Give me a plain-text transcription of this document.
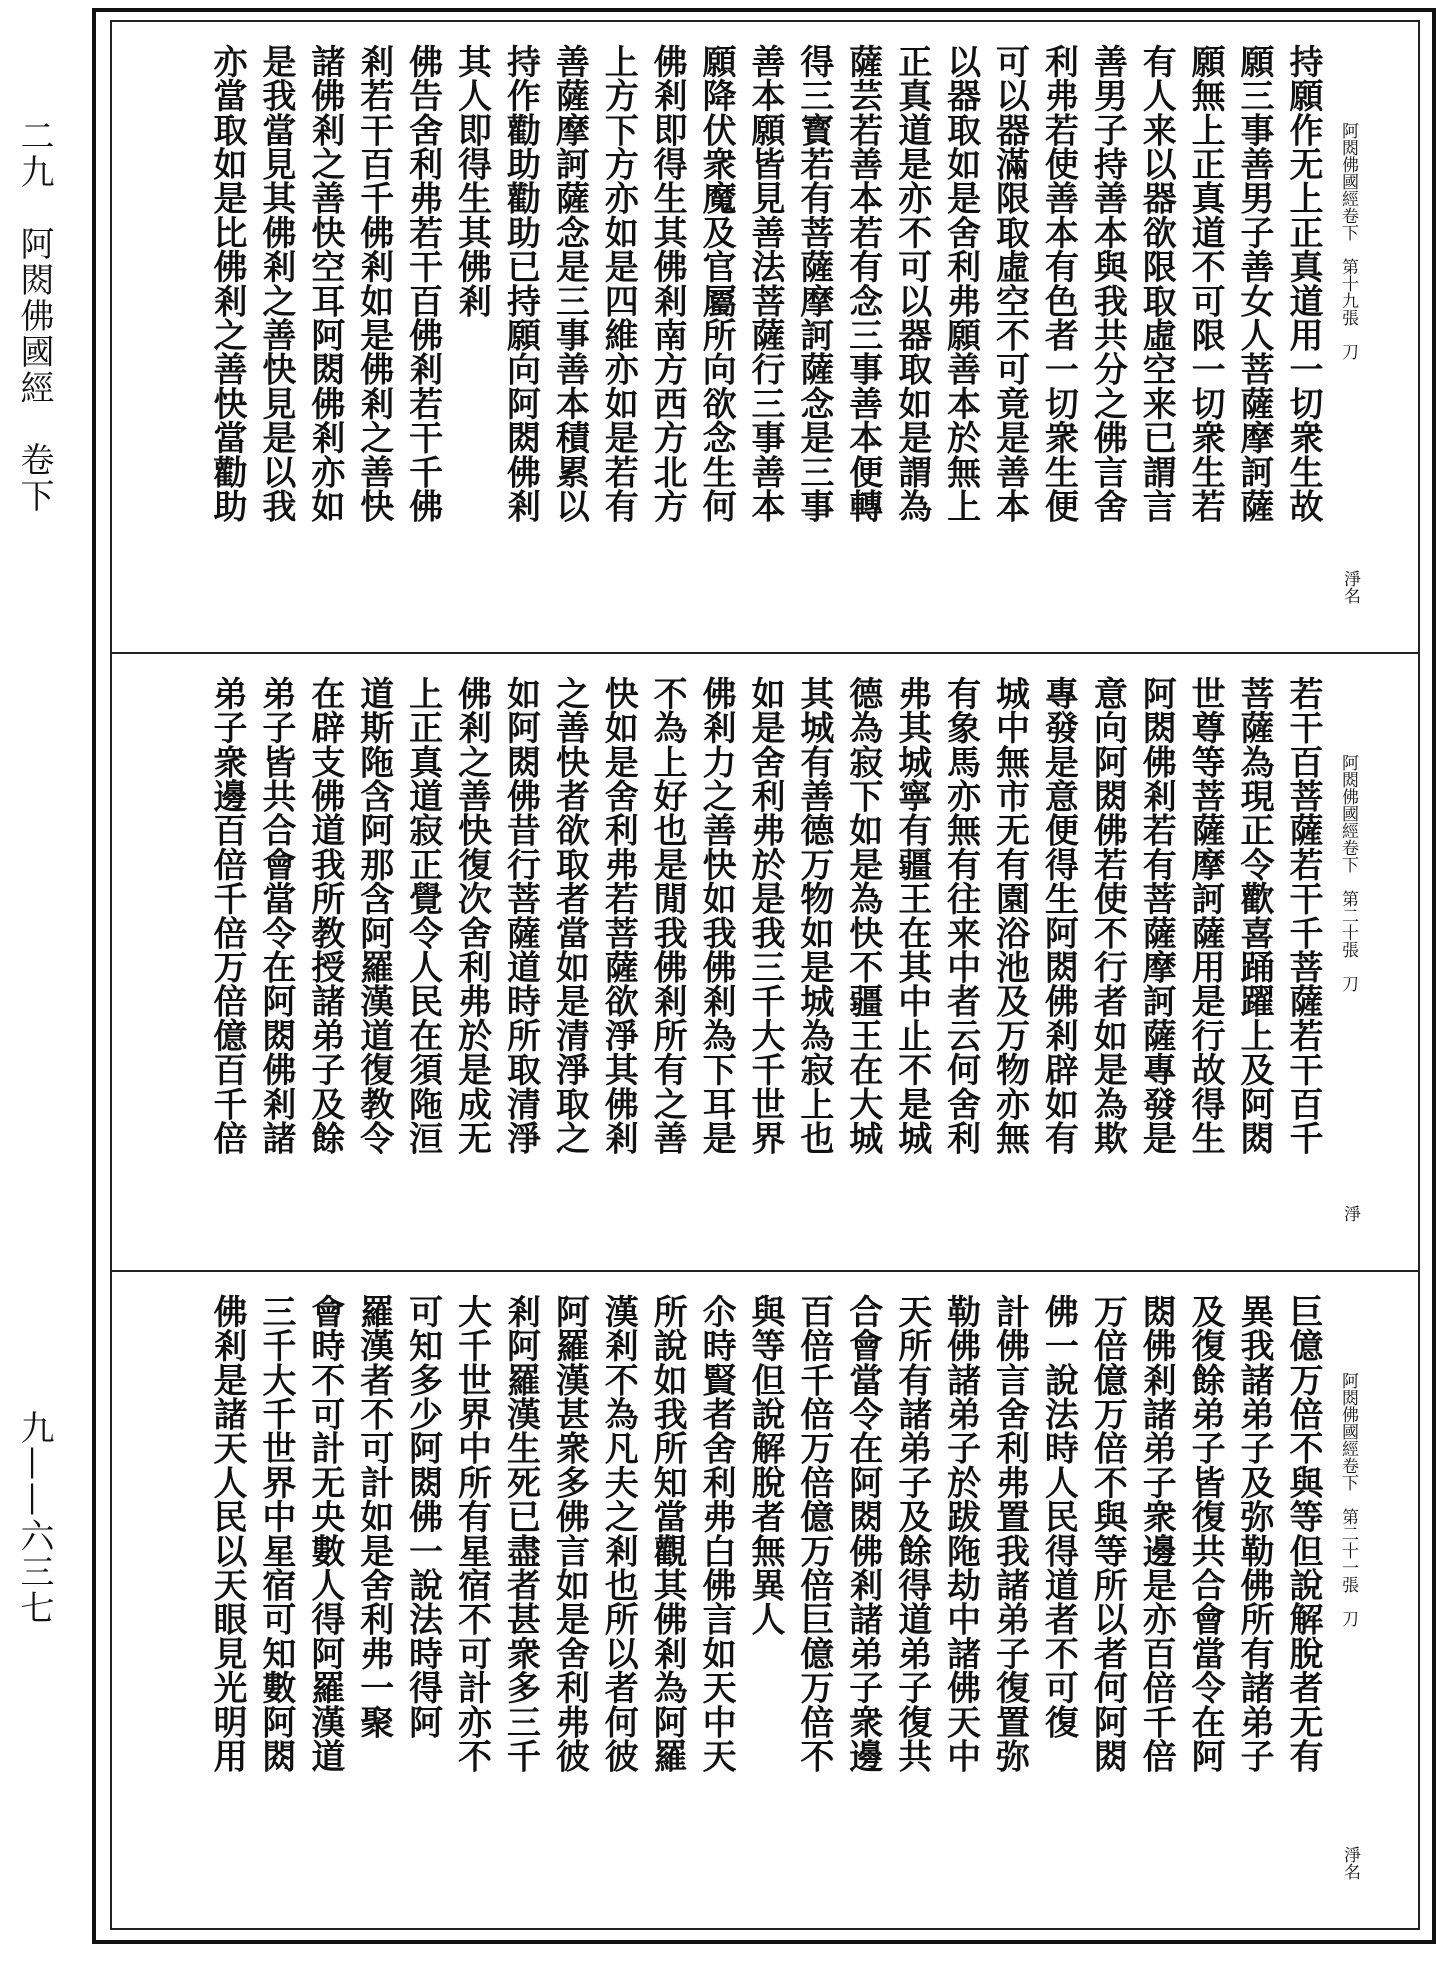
二九　阿閦佛國經　卷下
九——六三七
阿閦佛國經卷下　第十九張　刀
淨名
持願作无上正真道用一切衆生故
願三事善男子善女人菩薩摩訶薩
願無上正真道不可限一切衆生若
有人来以器欲限取虛空来已謂言
善男子持善本與我共分之佛言舍
利弗若使善本有色者一切衆生便
可以器滿限取虛空不可竟是善本
以器取如是舍利弗願善本於無上
正真道是亦不可以器取如是謂為
薩芸若善本若有念三事善本便轉
得三寳若有菩薩摩訶薩念是三事
善本願皆見善法菩薩行三事善本
願降伏衆魔及官屬所向欲念生何
佛剎即得生其佛剎南方西方北方
上方下方亦如是四維亦如是若有
善薩摩訶薩念是三事善本積累以
持作勸助勸助已持願向阿閦佛剎
其人即得生其佛剎
佛告舍利弗若干百佛剎若干千佛
剎若干百千佛剎如是佛剎之善快
諸佛剎之善快空耳阿閦佛剎亦如
是我當見其佛剎之善快見是以我
亦當取如是比佛剎之善快當勸助
阿閦佛國經卷下　第二十張　刀
淨
若干百菩薩若干千菩薩若干百千
菩薩為現正令歡喜踊躍上及阿閦
世尊等菩薩摩訶薩用是行故得生
阿閦佛剎若有菩薩摩訶薩專發是
意向阿閦佛若使不行者如是為欺
專發是意便得生阿閦佛剎辟如有
城中無市无有園浴池及万物亦無
有象馬亦無有往来中者云何舍利
弗其城寧有疆王在其中止不是城
德為寂下如是為快不疆王在大城
其城有善德万物如是城為寂上也
如是舍利弗於是我三千大千世界
佛剎力之善快如我佛剎為下耳是
不為上好也是閒我佛剎所有之善
快如是舍利弗若菩薩欲淨其佛剎
之善快者欲取者當如是清淨取之
如阿閦佛昔行菩薩道時所取清淨
佛剎之善快復次舍利弗於是成无
上正真道寂正覺令人民在須陁洹
道斯陁含阿那含阿羅漢道復教令
在辟支佛道我所教授諸弟子及餘
弟子皆共合會當令在阿閦佛剎諸
弟子衆邊百倍千倍万倍億百千倍
阿閦佛國經卷下　第二十一張　刀
淨名
巨億万倍不與等但說解脫者无有
異我諸弟子及弥勒佛所有諸弟子
及復餘弟子皆復共合會當令在阿
閦佛剎諸弟子衆邊是亦百倍千倍
万倍億万倍不與等所以者何阿閦
佛一說法時人民得道者不可復
計佛言舍利弗置我諸弟子復置弥
勒佛諸弟子於跋陁劫中諸佛天中
天所有諸弟子及餘得道弟子復共
合會當令在阿閦佛剎諸弟子衆邊
百倍千倍万倍億万倍巨億万倍不
與等但說解脫者無異人
尒時賢者舍利弗白佛言如天中天
所說如我所知當觀其佛剎為阿羅
漢剎不為凡夫之剎也所以者何彼
阿羅漢甚衆多佛言如是舍利弗彼
剎阿羅漢生死已盡者甚衆多三千
大千世界中所有星宿不可計亦不
可知多少阿閦佛一說法時得阿
羅漢者不可計如是舍利弗一聚
會時不可計无央數人得阿羅漢道
三千大千世界中星宿可知數阿閦
佛剎是諸天人民以天眼見光明用
